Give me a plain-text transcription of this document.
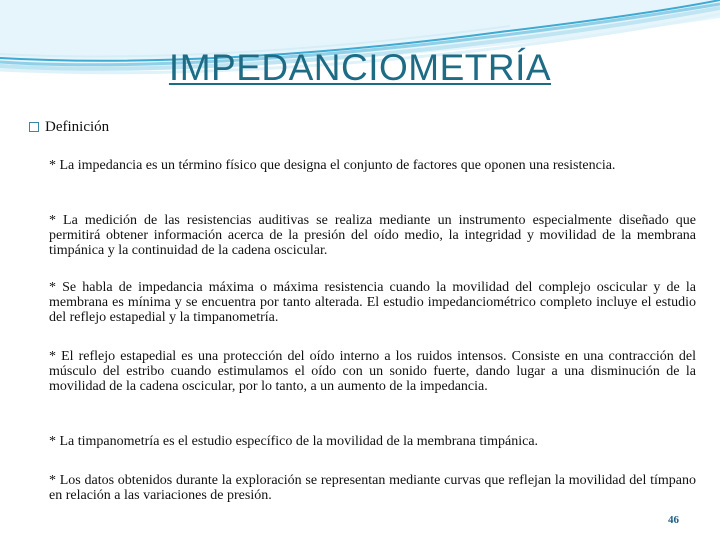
IMPEDANCIOMETRÍA
Definición
* La impedancia es un término físico que designa el conjunto de factores que oponen una resistencia.
* La medición de las resistencias auditivas se realiza mediante un instrumento especialmente diseñado que permitirá obtener información acerca de la presión del oído medio, la integridad y movilidad de la membrana timpánica y la continuidad de la cadena oscicular.
* Se habla de impedancia máxima o máxima resistencia cuando la movilidad del complejo oscicular y de la membrana es mínima y se encuentra por tanto alterada. El estudio impedanciométrico completo incluye el estudio del reflejo estapedial y la timpanometría.
* El reflejo estapedial es una protección del oído interno a los ruidos intensos. Consiste en una contracción del músculo del estribo cuando estimulamos el oído con un sonido fuerte, dando lugar a una disminución de la movilidad de la cadena oscicular, por lo tanto, a un aumento de la impedancia.
* La timpanometría es el estudio específico de la movilidad de la membrana timpánica.
* Los datos obtenidos durante la exploración se representan mediante curvas que reflejan la movilidad del tímpano en relación a las variaciones de presión.
46
